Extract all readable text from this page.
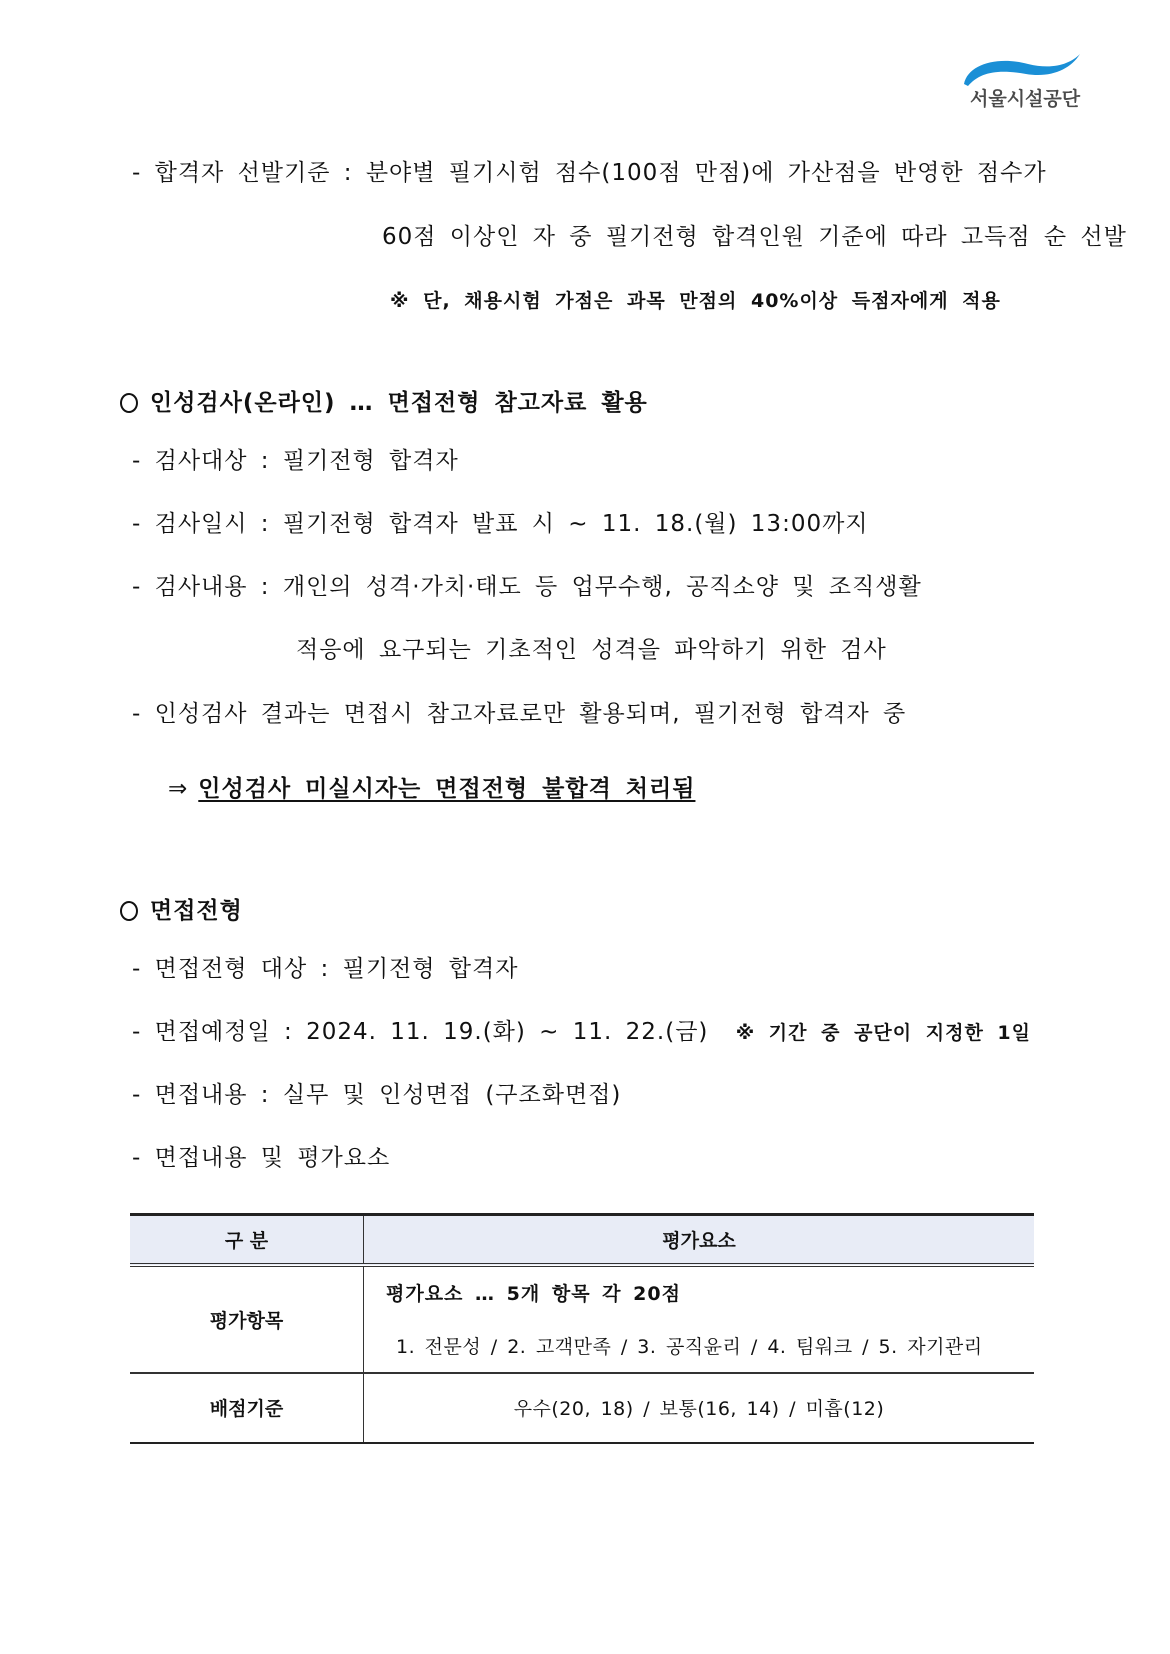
서울시설공단
- 합격자 선발기준 : 분야별 필기시험 점수(100점 만점)에 가산점을 반영한 점수가
60점 이상인 자 중 필기전형 합격인원 기준에 따라 고득점 순 선발
※ 단, 채용시험 가점은 과목 만점의 40%이상 득점자에게 적용
인성검사(온라인) … 면접전형 참고자료 활용
- 검사대상 : 필기전형 합격자
- 검사일시 : 필기전형 합격자 발표 시 ~ 11. 18.(월) 13:00까지
- 검사내용 : 개인의 성격·가치·태도 등 업무수행, 공직소양 및 조직생활
적응에 요구되는 기초적인 성격을 파악하기 위한 검사
- 인성검사 결과는 면접시 참고자료로만 활용되며, 필기전형 합격자 중
⇒ 인성검사 미실시자는 면접전형 불합격 처리됨
면접전형
- 면접전형 대상 : 필기전형 합격자
- 면접예정일 : 2024. 11. 19.(화) ~ 11. 22.(금) ※ 기간 중 공단이 지정한 1일
- 면접내용 : 실무 및 인성면접 (구조화면접)
- 면접내용 및 평가요소
구 분	평가요소
평가항목	평가요소 … 5개 항목 각 20점
1. 전문성 / 2. 고객만족 / 3. 공직윤리 / 4. 팀워크 / 5. 자기관리

배점기준	우수(20, 18) / 보통(16, 14) / 미흡(12)
